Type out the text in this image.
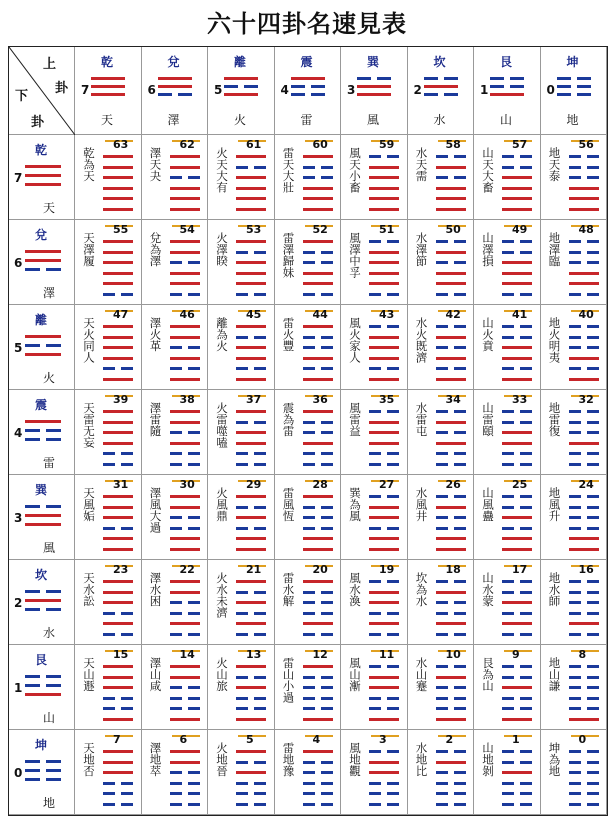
六十四卦名速見表
上
卦
下
卦
乾
7
天
兌
6
澤
離
5
火
震
4
雷
巽
3
風
坎
2
水
艮
1
山
坤
0
地
乾
7
天
兌
6
澤
離
5
火
震
4
雷
巽
3
風
坎
2
水
艮
1
山
坤
0
地
63
乾為天
62
澤天夬
61
火天大有
60
雷天大壯
59
風天小畜
58
水天需
57
山天大畜
56
地天泰
55
天澤履
54
兌為澤
53
火澤睽
52
雷澤歸妹
51
風澤中孚
50
水澤節
49
山澤損
48
地澤臨
47
天火同人
46
澤火革
45
離為火
44
雷火豐
43
風火家人
42
水火既濟
41
山火賁
40
地火明夷
39
天雷无妄
38
澤雷隨
37
火雷噬嗑
36
震為雷
35
風雷益
34
水雷屯
33
山雷頤
32
地雷復
31
天風姤
30
澤風大過
29
火風鼎
28
雷風恆
27
巽為風
26
水風井
25
山風蠱
24
地風升
23
天水訟
22
澤水困
21
火水未濟
20
雷水解
19
風水渙
18
坎為水
17
山水蒙
16
地水師
15
天山遯
14
澤山咸
13
火山旅
12
雷山小過
11
風山漸
10
水山蹇
9
艮為山
8
地山謙
7
天地否
6
澤地萃
5
火地晉
4
雷地豫
3
風地觀
2
水地比
1
山地剝
0
坤為地
